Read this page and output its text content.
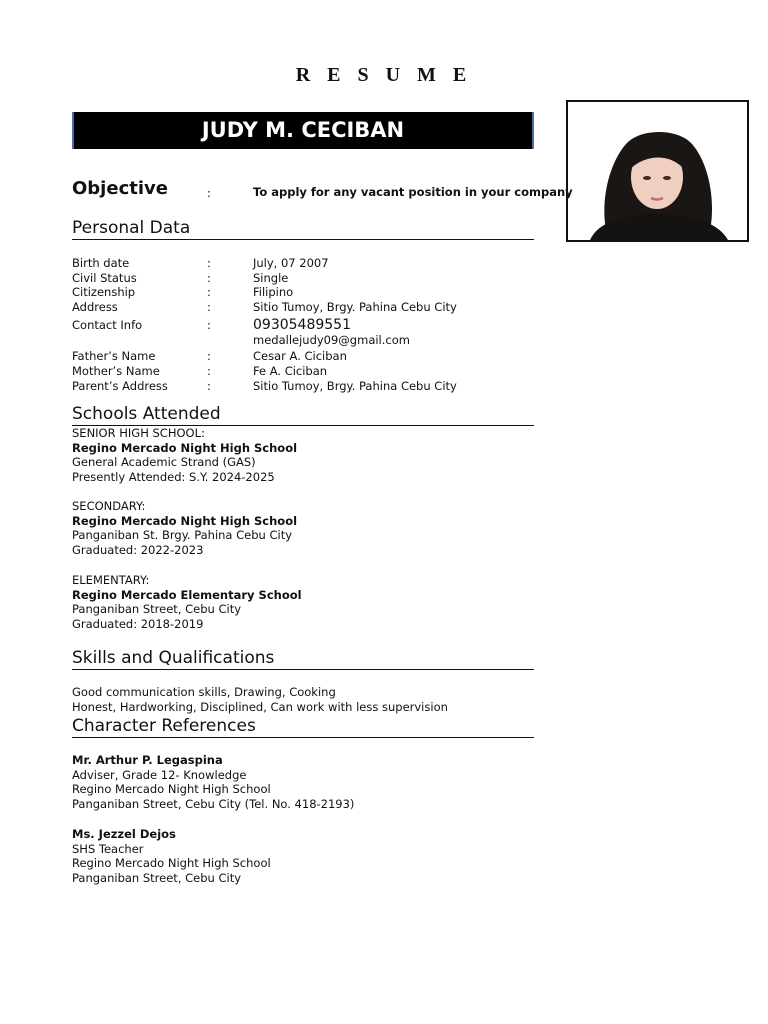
R E S U M E
JUDY M. CECIBAN
Objective	:	To apply for any vacant position in your company
Personal Data
Birth date
Civil Status
Citizenship
Address
Contact Info
Father’s Name
Mother’s Name
Parent’s Address
:
:
:
:
:
:
:
:
July, 07 2007
Single
Filipino
Sitio Tumoy, Brgy. Pahina Cebu City
09305489551
medallejudy09@gmail.com
Cesar A. Ciciban
Fe A. Ciciban
Sitio Tumoy, Brgy. Pahina Cebu City
Schools Attended
SENIOR HIGH SCHOOL:
Regino Mercado Night High School
General Academic Strand (GAS)
Presently Attended: S.Y. 2024-2025
SECONDARY:
Regino Mercado Night High School
Panganiban St. Brgy. Pahina Cebu City
Graduated: 2022-2023
ELEMENTARY:
Regino Mercado Elementary School
Panganiban Street, Cebu City
Graduated: 2018-2019
Skills and Qualifications
Good communication skills, Drawing, Cooking
Honest, Hardworking, Disciplined, Can work with less supervision
Character References
Mr. Arthur P. Legaspina
Adviser, Grade 12- Knowledge
Regino Mercado Night High School
Panganiban Street, Cebu City (Tel. No. 418-2193)
Ms. Jezzel Dejos
SHS Teacher
Regino Mercado Night High School
Panganiban Street, Cebu City
